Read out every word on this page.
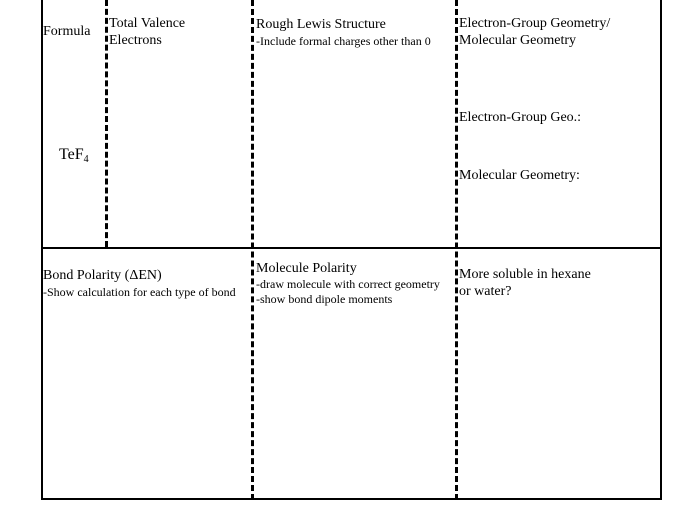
Formula
Total Valence
Electrons
Rough Lewis Structure
-Include formal charges other than 0
Electron-Group Geometry/
Molecular Geometry
Electron-Group Geo.:
Molecular Geometry:
TeF$_4$
Bond Polarity (ΔEN)
-Show calculation for each type of bond
Molecule Polarity
-draw molecule with correct geometry
-show bond dipole moments
More soluble in hexane
or water?
